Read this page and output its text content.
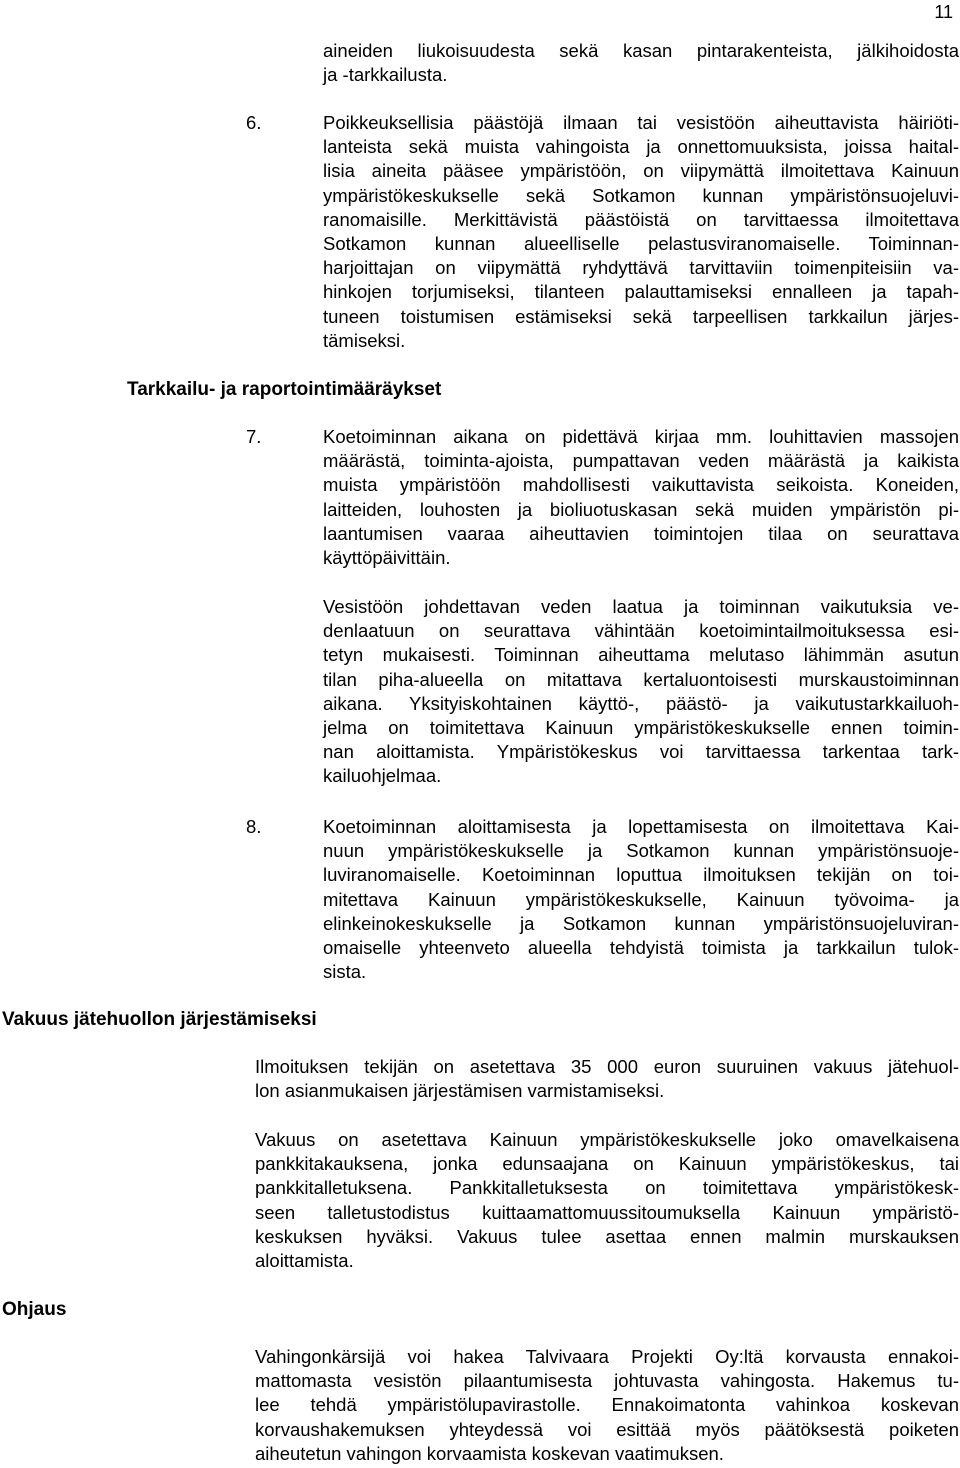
11
aineiden liukoisuudesta sekä kasan pintarakenteista, jälkihoidosta
ja -tarkkailusta.
6.	Poikkeuksellisia päästöjä ilmaan tai vesistöön aiheuttavista häiriöti-
lanteista sekä muista vahingoista ja onnettomuuksista, joissa haital-
lisia aineita pääsee ympäristöön, on viipymättä ilmoitettava Kainuun
ympäristökeskukselle sekä Sotkamon kunnan ympäristönsuojeluvi-
ranomaisille. Merkittävistä päästöistä on tarvittaessa ilmoitettava
Sotkamon kunnan alueelliselle pelastusviranomaiselle. Toiminnan-
harjoittajan on viipymättä ryhdyttävä tarvittaviin toimenpiteisiin va-
hinkojen torjumiseksi, tilanteen palauttamiseksi ennalleen ja tapah-
tuneen toistumisen estämiseksi sekä tarpeellisen tarkkailun järjes-
tämiseksi.
Tarkkailu- ja raportointimääräykset
7.	Koetoiminnan aikana on pidettävä kirjaa mm. louhittavien massojen
määrästä, toiminta-ajoista, pumpattavan veden määrästä ja kaikista
muista ympäristöön mahdollisesti vaikuttavista seikoista. Koneiden,
laitteiden, louhosten ja bioliuotuskasan sekä muiden ympäristön pi-
laantumisen vaaraa aiheuttavien toimintojen tilaa on seurattava
käyttöpäivittäin.
Vesistöön johdettavan veden laatua ja toiminnan vaikutuksia ve-
denlaatuun on seurattava vähintään koetoimintailmoituksessa esi-
tetyn mukaisesti. Toiminnan aiheuttama melutaso lähimmän asutun
tilan piha-alueella on mitattava kertaluontoisesti murskaustoiminnan
aikana. Yksityiskohtainen käyttö-, päästö- ja vaikutustarkkailuoh-
jelma on toimitettava Kainuun ympäristökeskukselle ennen toimin-
nan aloittamista. Ympäristökeskus voi tarvittaessa tarkentaa tark-
kailuohjelmaa.
8.	Koetoiminnan aloittamisesta ja lopettamisesta on ilmoitettava Kai-
nuun ympäristökeskukselle ja Sotkamon kunnan ympäristönsuoje-
luviranomaiselle. Koetoiminnan loputtua ilmoituksen tekijän on toi-
mitettava Kainuun ympäristökeskukselle, Kainuun työvoima- ja
elinkeinokeskukselle ja Sotkamon kunnan ympäristönsuojeluviran-
omaiselle yhteenveto alueella tehdyistä toimista ja tarkkailun tulok-
sista.
Vakuus jätehuollon järjestämiseksi
Ilmoituksen tekijän on asetettava 35 000 euron suuruinen vakuus jätehuol-
lon asianmukaisen järjestämisen varmistamiseksi.
Vakuus on asetettava Kainuun ympäristökeskukselle joko omavelkaisena
pankkitakauksena, jonka edunsaajana on Kainuun ympäristökeskus, tai
pankkitalletuksena. Pankkitalletuksesta on toimitettava ympäristökesk-
seen talletustodistus kuittaamattomuussitoumuksella Kainuun ympäristö-
keskuksen hyväksi. Vakuus tulee asettaa ennen malmin murskauksen
aloittamista.
Ohjaus
Vahingonkärsijä voi hakea Talvivaara Projekti Oy:ltä korvausta ennakoi-
mattomasta vesistön pilaantumisesta johtuvasta vahingosta. Hakemus tu-
lee tehdä ympäristölupavirastolle. Ennakoimatonta vahinkoa koskevan
korvaushakemuksen yhteydessä voi esittää myös päätöksestä poiketen
aiheutetun vahingon korvaamista koskevan vaatimuksen.
